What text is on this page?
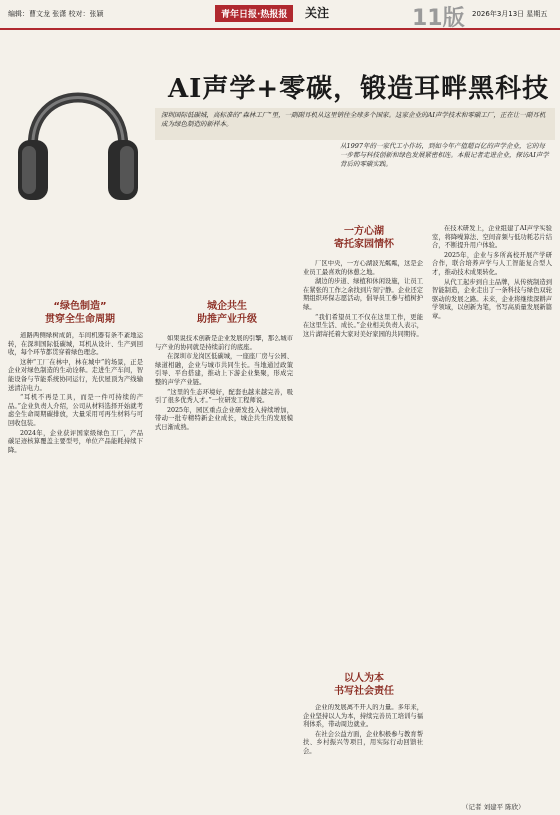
编辑：曹文龙 张潇 校对：张颖	青年日报·热报报	关注	11版 2026年3月13日 星期五
AI声学+零碳，锻造耳畔黑科技

深圳国际低碳城，高标准的“森林工厂”里，一副副耳机从这里销往全球多个国家。这家企业的AI声学技术和零碳工厂，正在让一副耳机成为绿色制造的新样本。

从1997年的一家代工小作坊，到如今年产值超百亿的声学企业，它的每一步都与科技创新和绿色发展紧密相连。本报记者走进企业，探访AI声学背后的零碳实践。
“绿色制造”
贯穿全生命周期

道路两侧绿树成荫，车间机器有条不紊地运转，在深圳国际低碳城，耳机从设计、生产到回收，每个环节都贯穿着绿色理念。

这种“工厂在林中，林在城中”的场景，正是企业对绿色制造的生动诠释。走进生产车间，智能设备与节能系统协同运行，光伏屋顶为产线输送清洁电力。

“耳机不再是工具，而是一件可持续的产品。”企业负责人介绍，公司从材料选择开始就考虑全生命周期碳排放，大量采用可再生材料与可回收包装。

2024年，企业获评国家级绿色工厂，产品碳足迹核算覆盖主要型号，单位产品能耗持续下降。

城企共生
助推产业升级

如果说技术创新是企业发展的引擎，那么城市与产业的协同就是持续前行的底座。

在深圳市龙岗区低碳城，一座座厂房与公园、绿道相融，企业与城市共同生长。当地通过政策引导、平台搭建，推动上下游企业集聚，形成完整的声学产业链。

“这里的生态环境好，配套也越来越完善，吸引了很多优秀人才。”一位研发工程师说。

2025年，园区重点企业研发投入持续增加，带动一批专精特新企业成长，城企共生的发展模式日渐成熟。

一方心湖
寄托家园情怀

厂区中央，一方心湖波光粼粼，这是企业员工最喜欢的休憩之地。

湖边的步道、绿植和休闲设施，让员工在紧张的工作之余找到片刻宁静。企业还定期组织环保志愿活动，倡导员工参与植树护绿。

“我们希望员工不仅在这里工作，更能在这里生活、成长。”企业相关负责人表示，这片湖寄托着大家对美好家园的共同期待。

以人为本
书写社会责任

企业的发展离不开人的力量。多年来，企业坚持以人为本，持续完善员工培训与福利体系，带动周边就业。

在社会公益方面，企业积极参与教育帮扶、乡村振兴等项目，用实际行动回馈社会。

在技术研发上，企业组建了AI声学实验室，将降噪算法、空间音频与低功耗芯片结合，不断提升用户体验。

2025年，企业与多所高校开展产学研合作，联合培养声学与人工智能复合型人才，推动技术成果转化。

从代工起步到自主品牌，从传统制造到智能制造，企业走出了一条科技与绿色双轮驱动的发展之路。未来，企业将继续深耕声学领域，以创新为笔，书写高质量发展新篇章。

（记者 刘建平 陈欣）
